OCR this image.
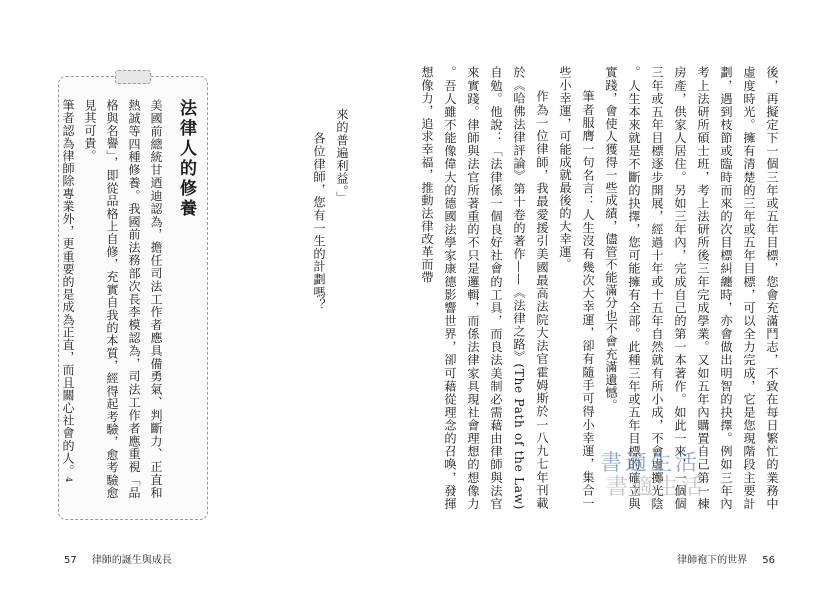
後，再擬定下一個三年或五年目標，您會充滿鬥志，不致在每日繁忙的業務中虛度時光。擁有清楚的三年或五年目標，可以全力完成，它是您現階段主要計劃，遇到枝節或臨時而來的次目標糾纏時，亦會做出明智的抉擇。例如三年內考上法研所碩士班，考上法研所後三年完成學業。又如五年內購置自己第一棟房產，供家人居住。另如三年內，完成自己的第一本著作。如此一來，一個個三年或五年目標逐步開展，經過十年或十五年自然就有所小成，不會虛擲光陰。人生本來就是不斷的抉擇，您可能擁有全部。此種三年或五年目標的確立與實踐，會使人獲得一些成績，儘管不能滿分也不會充滿遺憾。

筆者服膺一句名言：人生沒有幾次大幸運，卻有隨手可得小幸運，集合一些小幸運，可能成就最後的大幸運。

作為一位律師，我最愛援引美國最高法院大法官霍姆斯於一八九七年刊載於《哈佛法律評論》第十卷的著作——《法律之路》(The Path of the Law) 自勉。他說：「法律係一個良好社會的工具，而良法美制必需藉由律師與法官來實踐。律師與法官所著重的不只是邏輯，而係法律家具現社會理想的想像力。吾人雖不能像偉大的德國法學家康德影響世界，卻可藉從理念的召喚，發揮想像力，追求幸福，推動法律改革而帶

來的普遍利益。」

各位律師，您有一生的計劃嗎？

法律人的修養

美國前總統甘迺迪認為，擔任司法工作者應具備勇氣、判斷力、正直和熱誠等四種修養。我國前法務部次長李模認為，司法工作者應重視「品格與名譽」，即從品格上自修，充實自我的本質，經得起考驗，愈考驗愈見其可貴。

筆者認為律師除專業外，更重要的是成為正直，而且關心社會的人。4

書適生活
書適生活
57 律師的誕生與成長	律師袍下的世界 56
